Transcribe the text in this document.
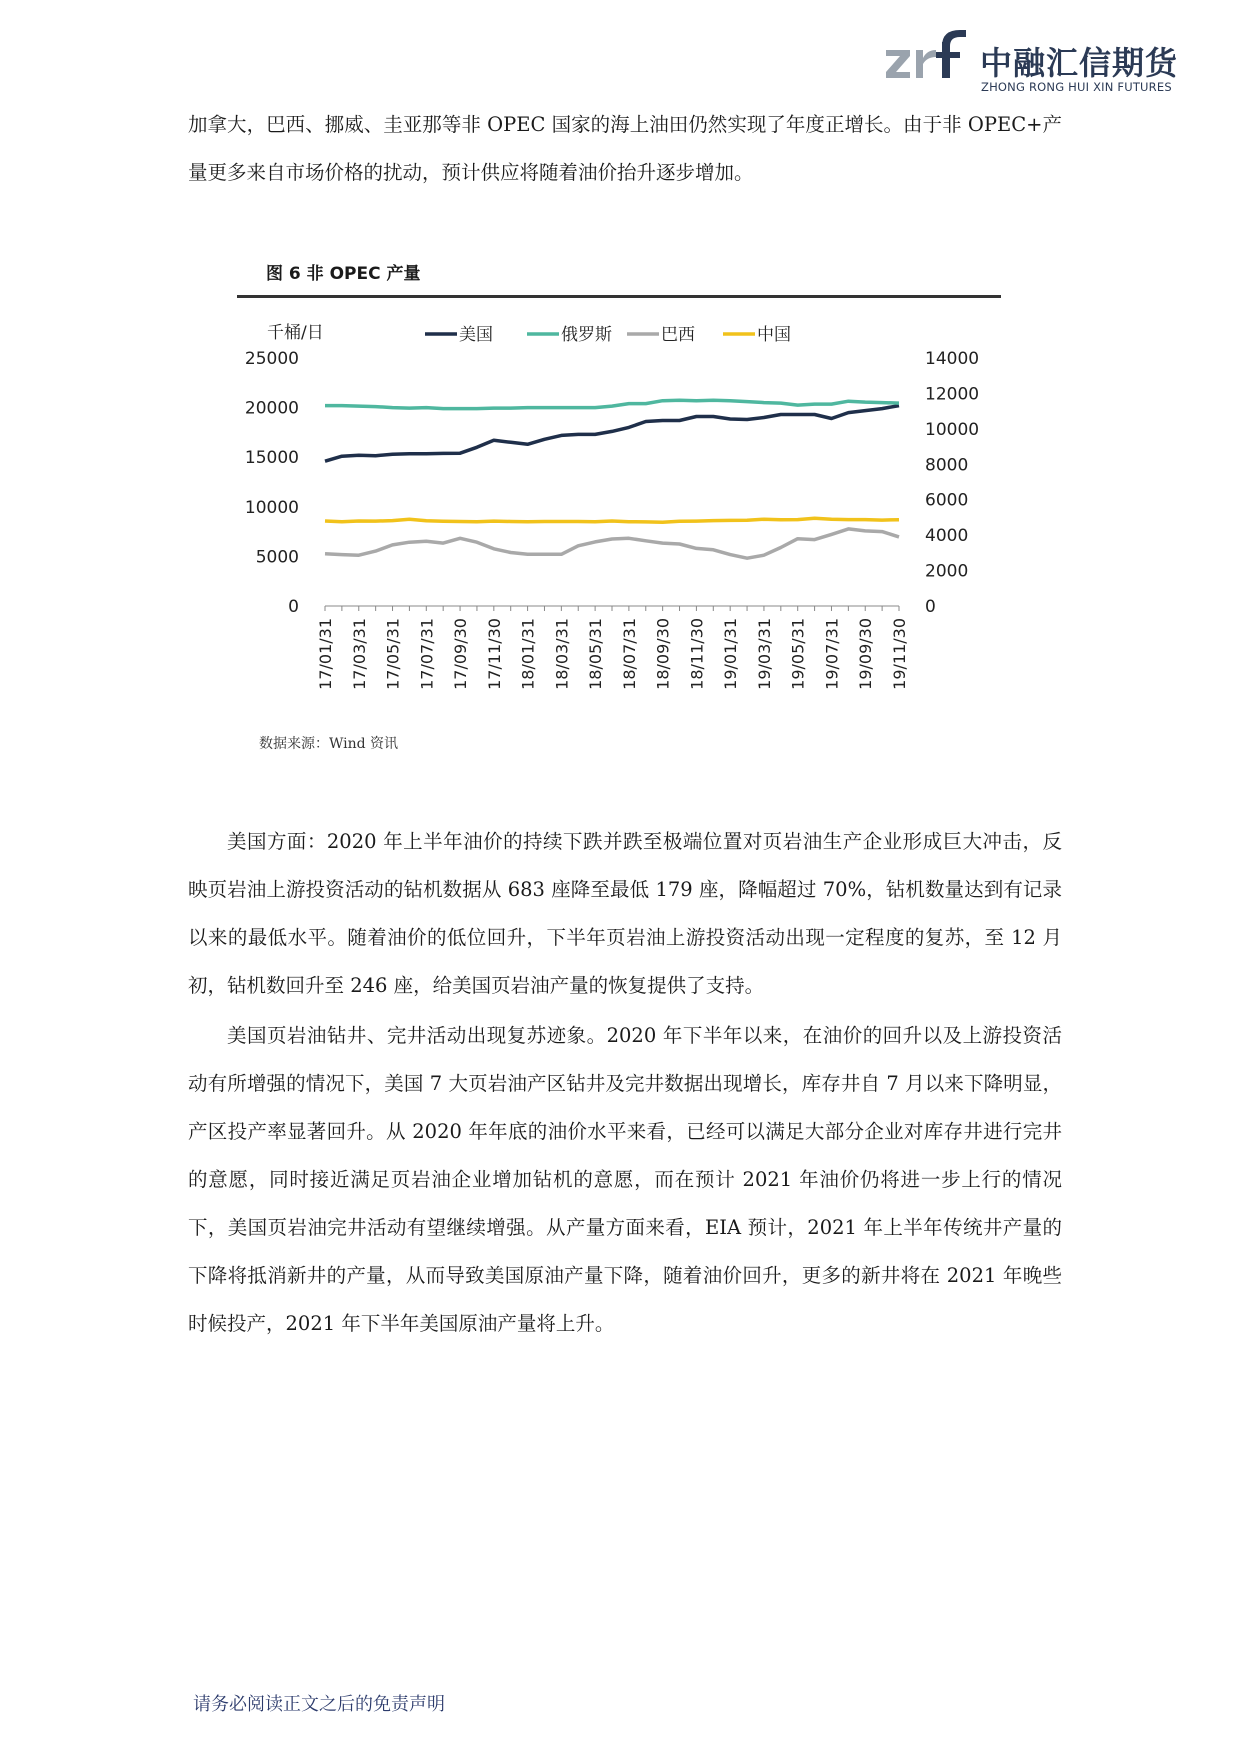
中融汇信期货
ZHONG RONG HUI XIN FUTURES

加拿大，巴西、挪威、圭亚那等非 OPEC 国家的海上油田仍然实现了年度正增长。由于非 OPEC+产量更多来自市场价格的扰动，预计供应将随着油价抬升逐步增加。

图 6 非 OPEC 产量

美国	俄罗斯	巴西	中国
千桶/日
0
5000
10000
15000
20000
25000
0
2000
4000
6000
8000
10000
12000
14000
17/01/31 17/03/31 17/05/31 17/07/31 17/09/30 17/11/30 18/01/31 18/03/31 18/05/31 18/07/31 18/09/30 18/11/30 19/01/31 19/03/31 19/05/31 19/07/31 19/09/30 19/11/30

数据来源：Wind 资讯

美国方面：2020 年上半年油价的持续下跌并跌至极端位置对页岩油生产企业形成巨大冲击，反映页岩油上游投资活动的钻机数据从 683 座降至最低 179 座，降幅超过 70%，钻机数量达到有记录以来的最低水平。随着油价的低位回升，下半年页岩油上游投资活动出现一定程度的复苏，至 12 月初，钻机数回升至 246 座，给美国页岩油产量的恢复提供了支持。

美国页岩油钻井、完井活动出现复苏迹象。2020 年下半年以来，在油价的回升以及上游投资活动有所增强的情况下，美国 7 大页岩油产区钻井及完井数据出现增长，库存井自 7 月以来下降明显，产区投产率显著回升。从 2020 年年底的油价水平来看，已经可以满足大部分企业对库存井进行完井的意愿，同时接近满足页岩油企业增加钻机的意愿，而在预计 2021 年油价仍将进一步上行的情况下，美国页岩油完井活动有望继续增强。从产量方面来看，EIA 预计，2021 年上半年传统井产量的下降将抵消新井的产量，从而导致美国原油产量下降，随着油价回升，更多的新井将在 2021 年晚些时候投产，2021 年下半年美国原油产量将上升。

请务必阅读正文之后的免责声明
